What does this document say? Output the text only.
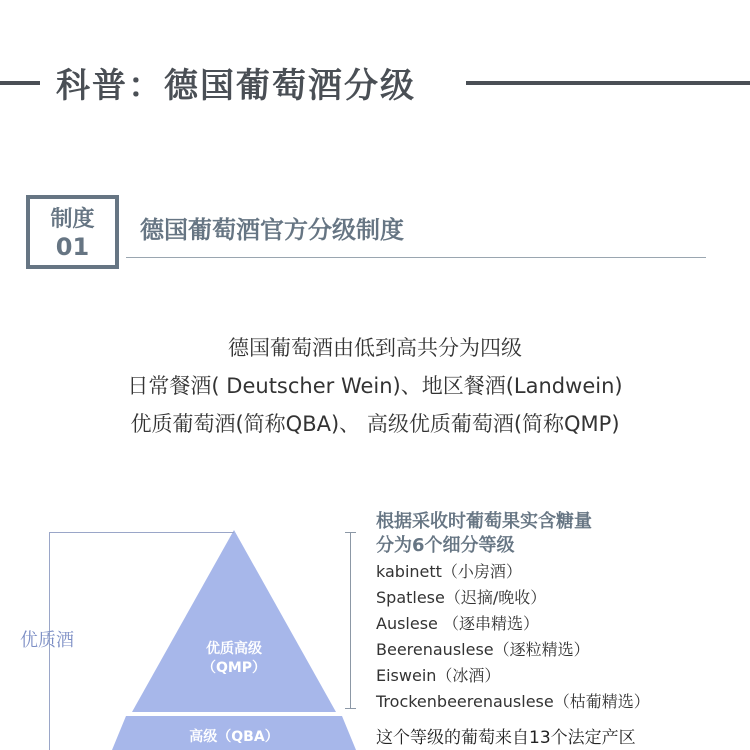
科普：德国葡萄酒分级
制度
01
德国葡萄酒官方分级制度
德国葡萄酒由低到高共分为四级
日常餐酒( Deutscher Wein)、地区餐酒(Landwein)
优质葡萄酒(简称QBA)、 高级优质葡萄酒(简称QMP)
优质高级
（QMP）
高级（QBA）
优质酒
根据采收时葡萄果实含糖量
分为6个细分等级
kabinett（小房酒）
Spatlese（迟摘/晚收）
Auslese （逐串精选）
Beerenauslese（逐粒精选）
Eiswein（冰酒）
Trockenbeerenauslese（枯葡精选）
这个等级的葡萄来自13个法定产区
